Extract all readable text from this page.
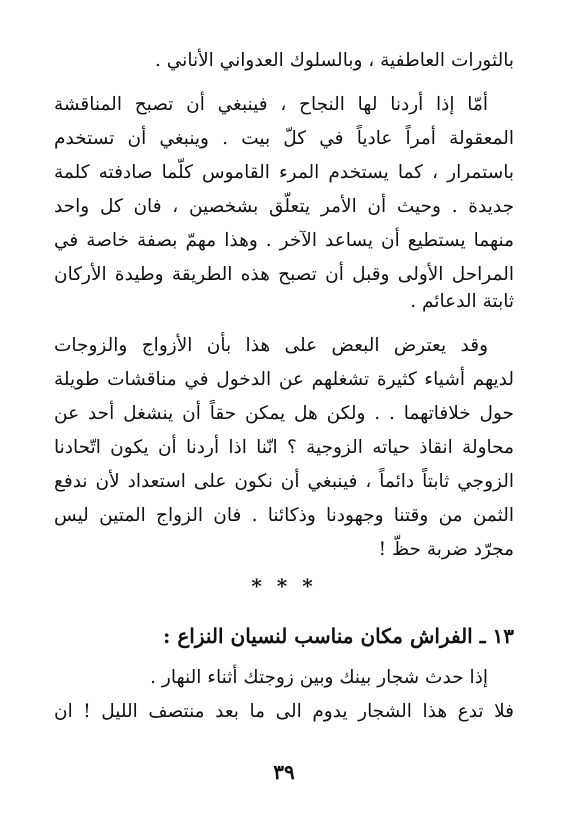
بالثورات العاطفية ، وبالسلوك العدواني الأناني .
أمّا إذا أردنا لها النجاح ، فينبغي أن تصبح المناقشة
المعقولة أمراً عادياً في كلّ بيت . وينبغي أن تستخدم
باستمرار ، كما يستخدم المرء القاموس كلّما صادفته كلمة
جديدة . وحيث أن الأمر يتعلّق بشخصين ، فان كل واحد
منهما يستطيع أن يساعد الآخر . وهذا مهمّ بصفة خاصة في
المراحل الأولى وقبل أن تصبح هذه الطريقة وطيدة الأركان
ثابتة الدعائم .
وقد يعترض البعض على هذا بأن الأزواج والزوجات
لديهم أشياء كثيرة تشغلهم عن الدخول في مناقشات طويلة
حول خلافاتهما . . ولكن هل يمكن حقاً أن ينشغل أحد عن
محاولة انقاذ حياته الزوجية ؟ انّنا اذا أردنا أن يكون اتّحادنا
الزوجي ثابتاً دائماً ، فينبغي أن نكون على استعداد لأن ندفع
الثمن من وقتنا وجهودنا وذكائنا . فان الزواج المتين ليس
مجرّد ضربة حظّ !
* * *
١٣ ـ الفراش مكان مناسب لنسيان النزاع :
إذا حدث شجار بينك وبين زوجتك أثناء النهار .
فلا تدع هذا الشجار يدوم الى ما بعد منتصف الليل ! ان
٣٩
